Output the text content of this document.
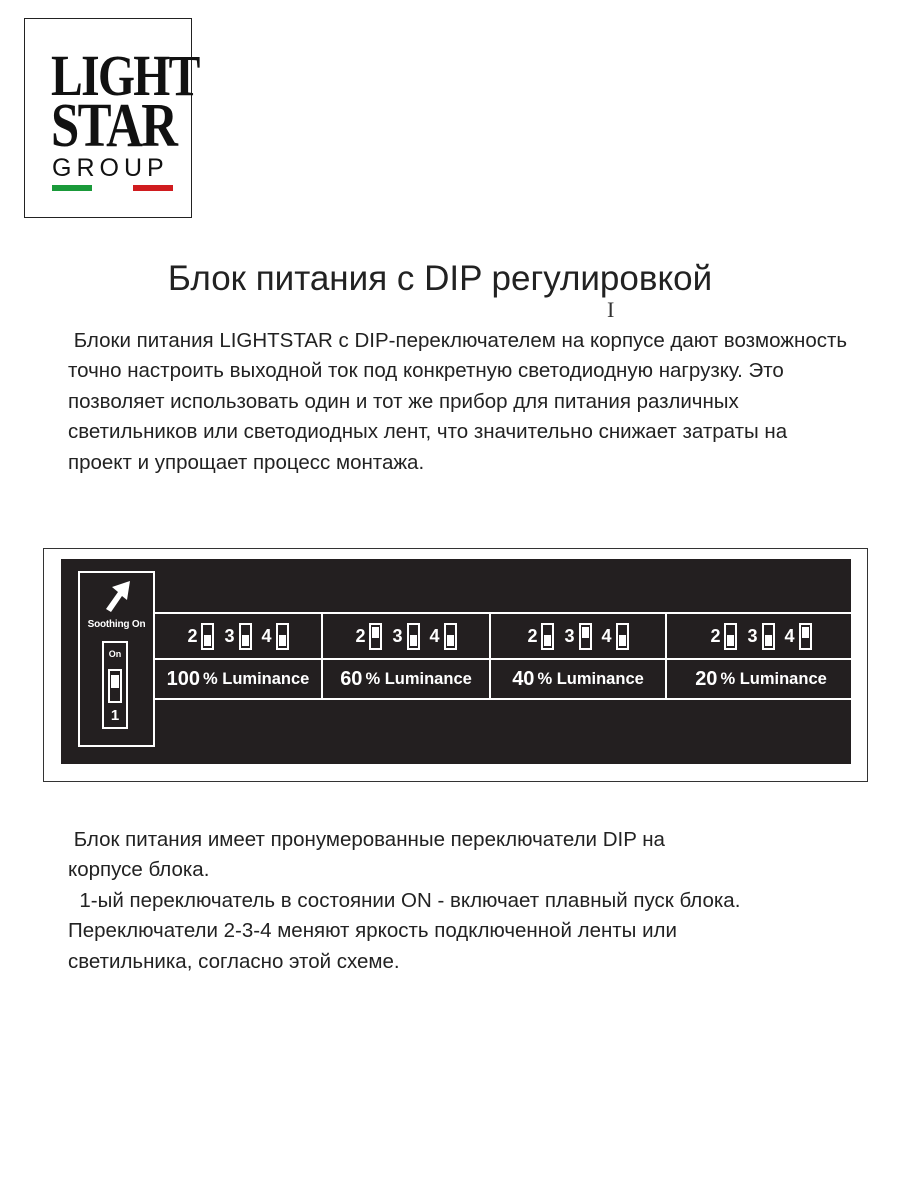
LIGHT
STAR
GROUP
Блок питания с DIP регулировкой
I

Блоки питания LIGHTSTAR с DIP-переключателем на корпусе дают возможность точно настроить выходной ток под конкретную светодиодную нагрузку. Это позволяет использовать один и тот же прибор для питания различных светильников или светодиодных лент, что значительно снижает затраты на проект и упрощает процесс монтажа.

Soothing On
On
1
2 3 4
100 % Luminance
2 3 4
60 % Luminance
2 3 4
40 % Luminance
2 3 4
20 % Luminance
Блок питания имеет пронумерованные переключатели DIP на
корпусе блока.
1-ый переключатель в состоянии ON - включает плавный пуск блока.
Переключатели 2-3-4 меняют яркость подключенной ленты или
светильника, согласно этой схеме.
